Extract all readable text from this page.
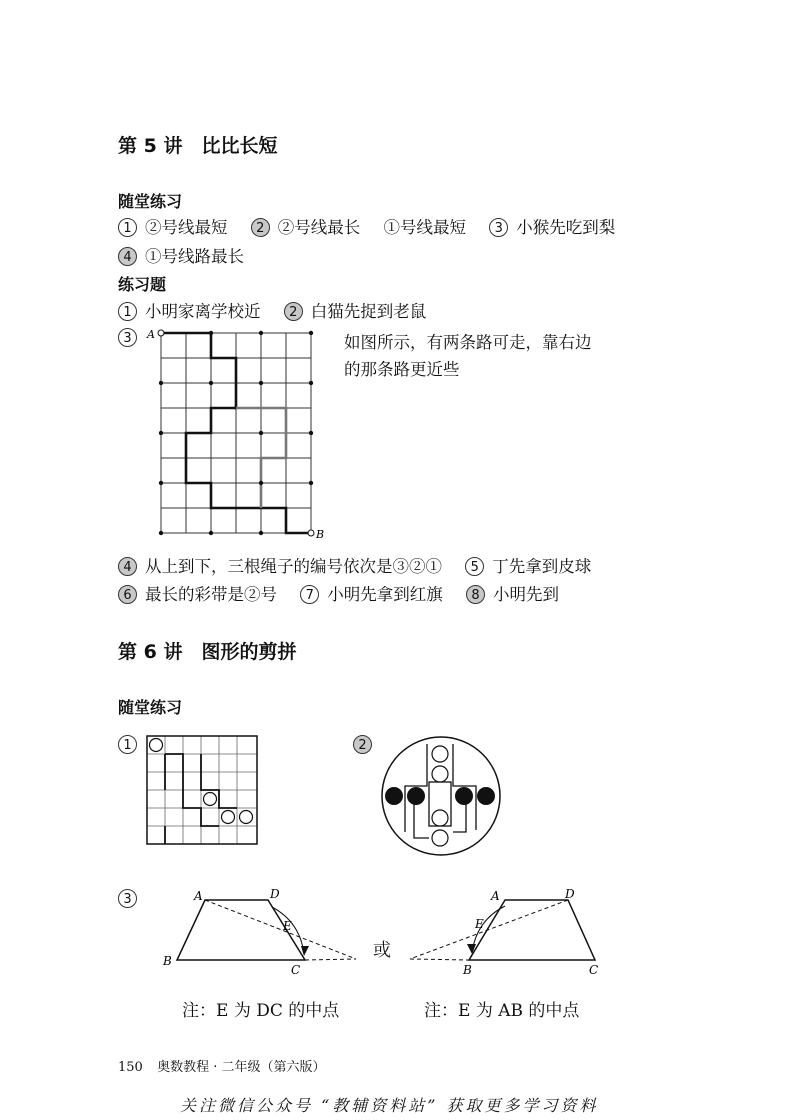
第 5 讲　比比长短
随堂练习
1 ②号线最短 2 ②号线最长 ①号线最短 3 小猴先吃到梨
4 ①号线路最长
练习题
1 小明家离学校近 2 白猫先捉到老鼠
3	A
B
如图所示，有两条路可走，靠右边
的那条路更近些
4 从上到下，三根绳子的编号依次是③②① 5 丁先拿到皮球
6 最长的彩带是②号 7 小明先拿到红旗 8 小明先到
第 6 讲　图形的剪拼
随堂练习
1	2
3	A	D
E
B
C
或
A	D
E
B	C
注：E 为 DC 的中点	注：E 为 AB 的中点
150 奥数教程 · 二年级（第六版）
关注微信公众号 “教辅资料站” 获取更多学习资料
